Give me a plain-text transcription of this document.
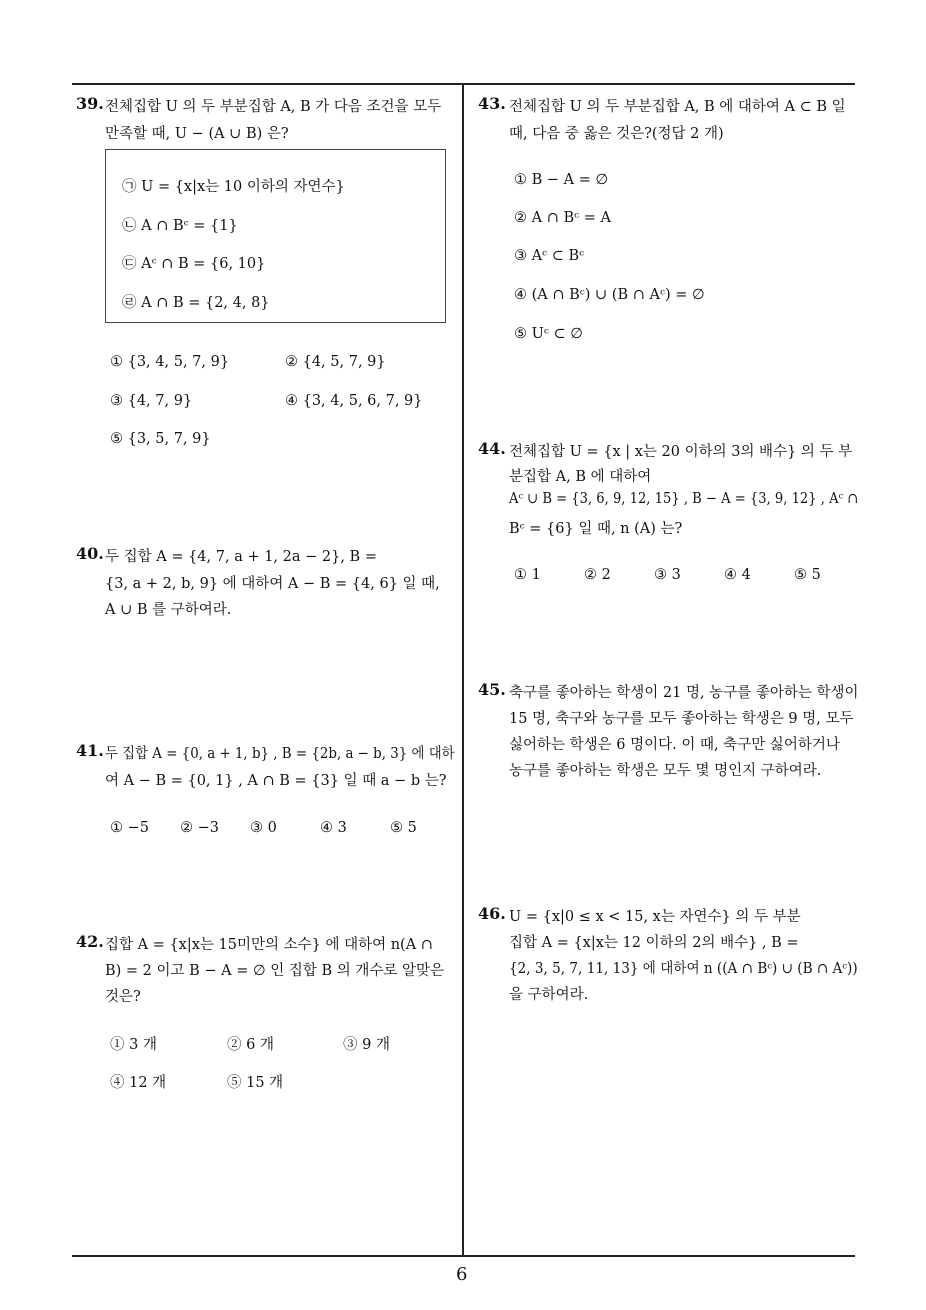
39. 전체집합 U 의 두 부분집합 A, B 가 다음 조건을 모두
만족할 때, U − (A ∪ B) 은?
㉠ U = {x|x는 10 이하의 자연수}
㉡ A ∩ Bᶜ = {1}
㉢ Aᶜ ∩ B = {6, 10}
㉣ A ∩ B = {2, 4, 8}
① {3, 4, 5, 7, 9}	② {4, 5, 7, 9}
③ {4, 7, 9}	④ {3, 4, 5, 6, 7, 9}
⑤ {3, 5, 7, 9}
40. 두 집합 A = {4, 7, a + 1, 2a − 2}, B =
{3, a + 2, b, 9} 에 대하여 A − B = {4, 6} 일 때,
A ∪ B 를 구하여라.
41. 두 집합 A = {0, a + 1, b} , B = {2b, a − b, 3} 에 대하
여 A − B = {0, 1} , A ∩ B = {3} 일 때 a − b 는?
① −5 ② −3 ③ 0	④ 3	⑤ 5
42. 집합 A = {x|x는 15미만의 소수} 에 대하여 n(A ∩
B) = 2 이고 B − A = ∅ 인 집합 B 의 개수로 알맞은
것은?
① 3 개	② 6 개	③ 9 개
④ 12 개	⑤ 15 개
43. 전체집합 U 의 두 부분집합 A, B 에 대하여 A ⊂ B 일
때, 다음 중 옳은 것은?(정답 2 개)
① B − A = ∅
② A ∩ Bᶜ = A
③ Aᶜ ⊂ Bᶜ
④ (A ∩ Bᶜ) ∪ (B ∩ Aᶜ) = ∅
⑤ Uᶜ ⊂ ∅
44. 전체집합 U = {x | x는 20 이하의 3의 배수} 의 두 부
분집합 A, B 에 대하여
Aᶜ ∪ B = {3, 6, 9, 12, 15} , B − A = {3, 9, 12} , Aᶜ ∩
Bᶜ = {6} 일 때, n (A) 는?
① 1	② 2	③ 3	④ 4	⑤ 5
45. 축구를 좋아하는 학생이 21 명, 농구를 좋아하는 학생이
15 명, 축구와 농구를 모두 좋아하는 학생은 9 명, 모두
싫어하는 학생은 6 명이다. 이 때, 축구만 싫어하거나
농구를 좋아하는 학생은 모두 몇 명인지 구하여라.
46. U = {x|0 ≤ x < 15, x는 자연수} 의 두 부분
집합 A = {x|x는 12 이하의 2의 배수} , B =
{2, 3, 5, 7, 11, 13} 에 대하여 n ((A ∩ Bᶜ) ∪ (B ∩ Aᶜ))
을 구하여라.
6
